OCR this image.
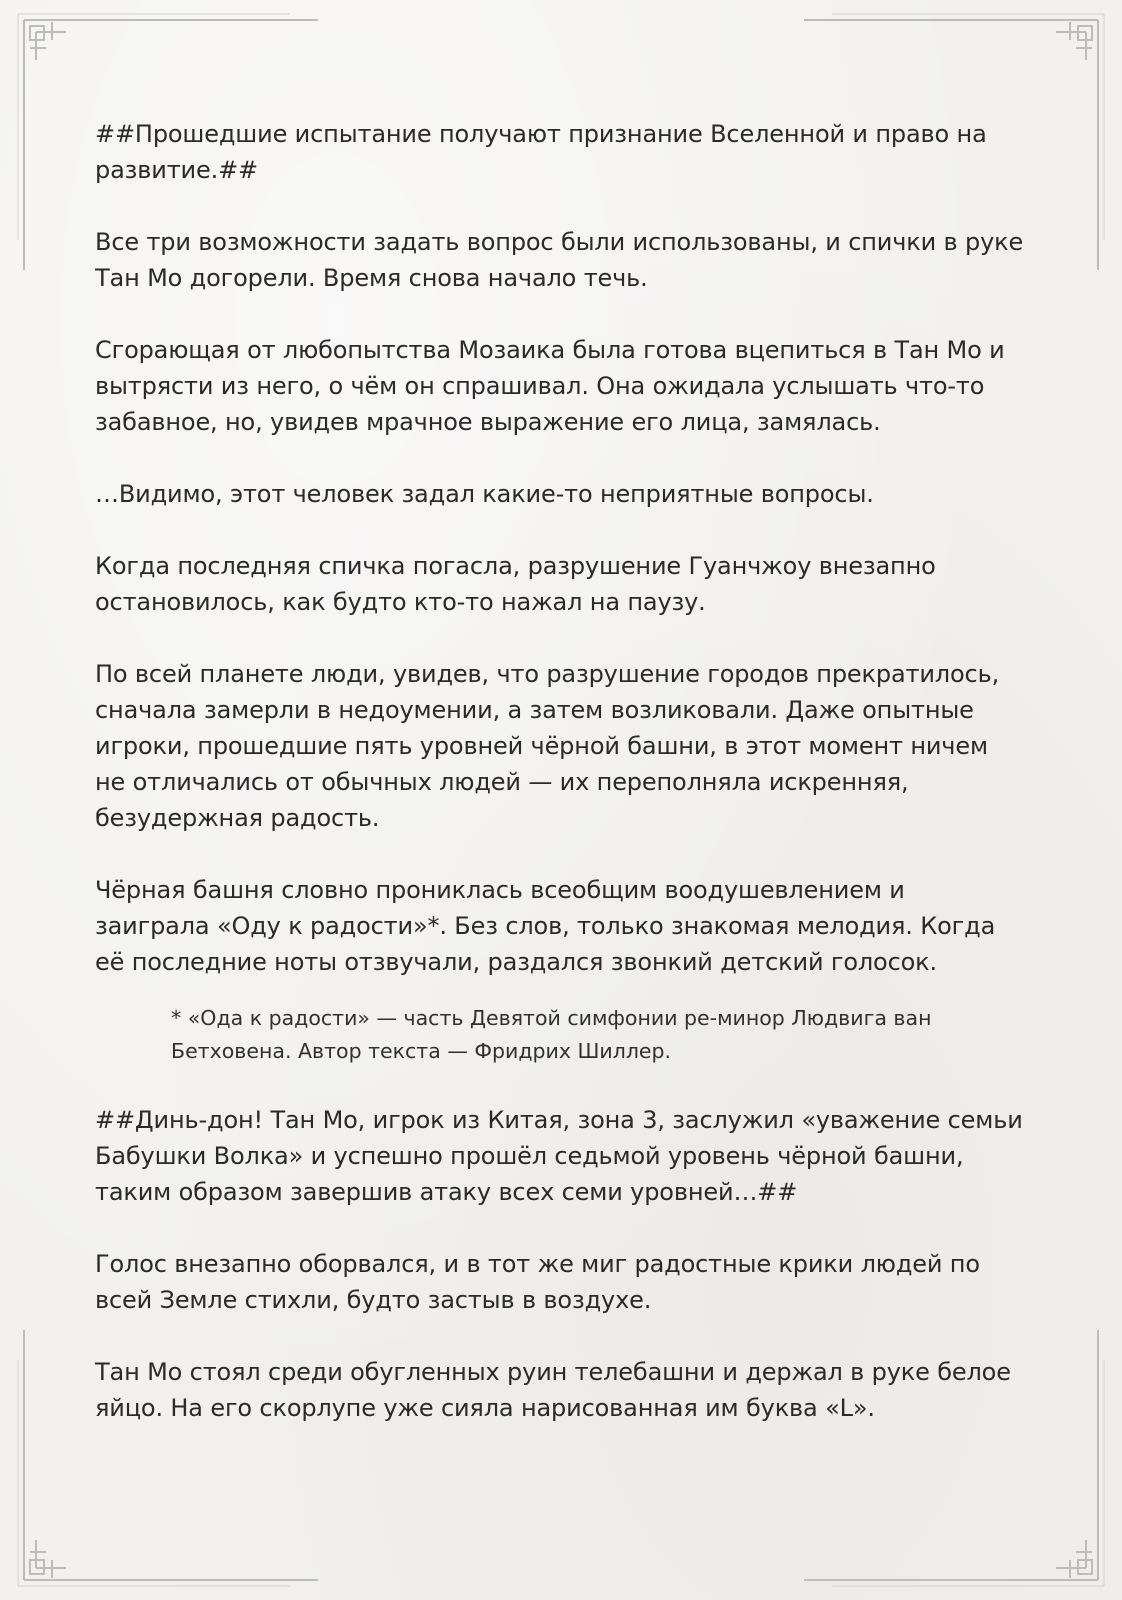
##Прошедшие испытание получают признание Вселенной и право на развитие.##

Все три возможности задать вопрос были использованы, и спички в руке Тан Мо догорели. Время снова начало течь.

Сгорающая от любопытства Мозаика была готова вцепиться в Тан Мо и вытрясти из него, о чём он спрашивал. Она ожидала услышать что-то забавное, но, увидев мрачное выражение его лица, замялась.

…Видимо, этот человек задал какие-то неприятные вопросы.

Когда последняя спичка погасла, разрушение Гуанчжоу внезапно остановилось, как будто кто-то нажал на паузу.

По всей планете люди, увидев, что разрушение городов прекратилось, сначала замерли в недоумении, а затем возликовали. Даже опытные игроки, прошедшие пять уровней чёрной башни, в этот момент ничем не отличались от обычных людей — их переполняла искренняя, безудержная радость.

Чёрная башня словно прониклась всеобщим воодушевлением и заиграла «Оду к радости»*. Без слов, только знакомая мелодия. Когда её последние ноты отзвучали, раздался звонкий детский голосок.

* «Ода к радости» — часть Девятой симфонии ре-минор Людвига ван Бетховена. Автор текста — Фридрих Шиллер.

##Динь-дон! Тан Мо, игрок из Китая, зона 3, заслужил «уважение семьи Бабушки Волка» и успешно прошёл седьмой уровень чёрной башни, таким образом завершив атаку всех семи уровней…##

Голос внезапно оборвался, и в тот же миг радостные крики людей по всей Земле стихли, будто застыв в воздухе.

Тан Мо стоял среди обугленных руин телебашни и держал в руке белое яйцо. На его скорлупе уже сияла нарисованная им буква «L».
